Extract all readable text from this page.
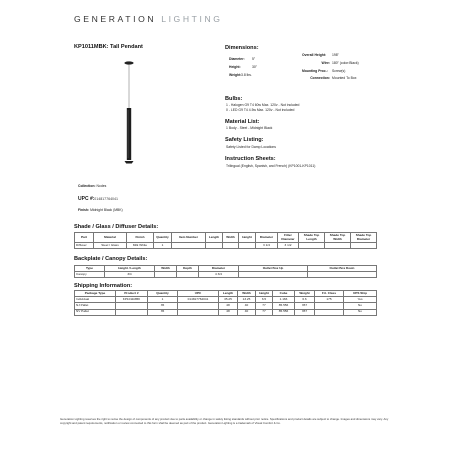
GENERATION LIGHTING
KP1011MBK: Tall Pendant	Dimensions:
Diameter: 5"
Height:	30"
Weight:3.8 lbs.
Overall Height: 198"
Wire: 180" (color:Black)
Mounting Proc.: Screw(s)
Connection: Mounted To Box
Bulbs:
1 - Halogen G9 T4 60w Max. 120v - Not included
0 - LED G9 T4 4.5w Max. 120v - Not included
Material List:
1 Body - Steel - Midnight Black
Safety Listing:
Safety Listed for Damp Locations
Instruction Sheets:
Trilingual (English, Spanish, and French) (KP1001-KP1011)
Collection: Nodes
UPC #:014817764041
Finish: Midnight Black (MBK)
Shade / Glass / Diffuser Details:
Part	Material	Finish	Quantity	Item Number	Length	Width	Height	Diameter	Fitter Diameter	Shade Top Length	Shade Top Width	Shade Top Diameter
Diffuser	Steel / Glass	Milk White	1					3 1/4	3 1/2			
Backplate / Canopy Details:
Type	Height / Length	Width	Depth	Diameter	Outlet Box Up	Outlet Box Down
Canopy	3/4			4 3/4		
Shipping Information:
Package Type	Product #	Quantity	UPC	Length	Width	Height	Cube	Weight	Frt. Class	UPS Ship
Individual	KP1011MBK	1	014817764041	35.25	13.25	6.5	1.166	6.6	175	Yes
NJ Pallet		35		48	40	77	85.556	357		No
NV Pallet		35		48	40	77	85.556	357		No
Generation Lighting reserves the right to revise the design of components of any product due to parts availability or change in safety listing standards without prior notice. Specifications and product details are subject to change. Images and dimensions may vary. Any copyright and patent requirements, notification or review connected to this form shall be deemed as part of the product. Generation Lighting is a trademark of Visual Comfort & Co.
